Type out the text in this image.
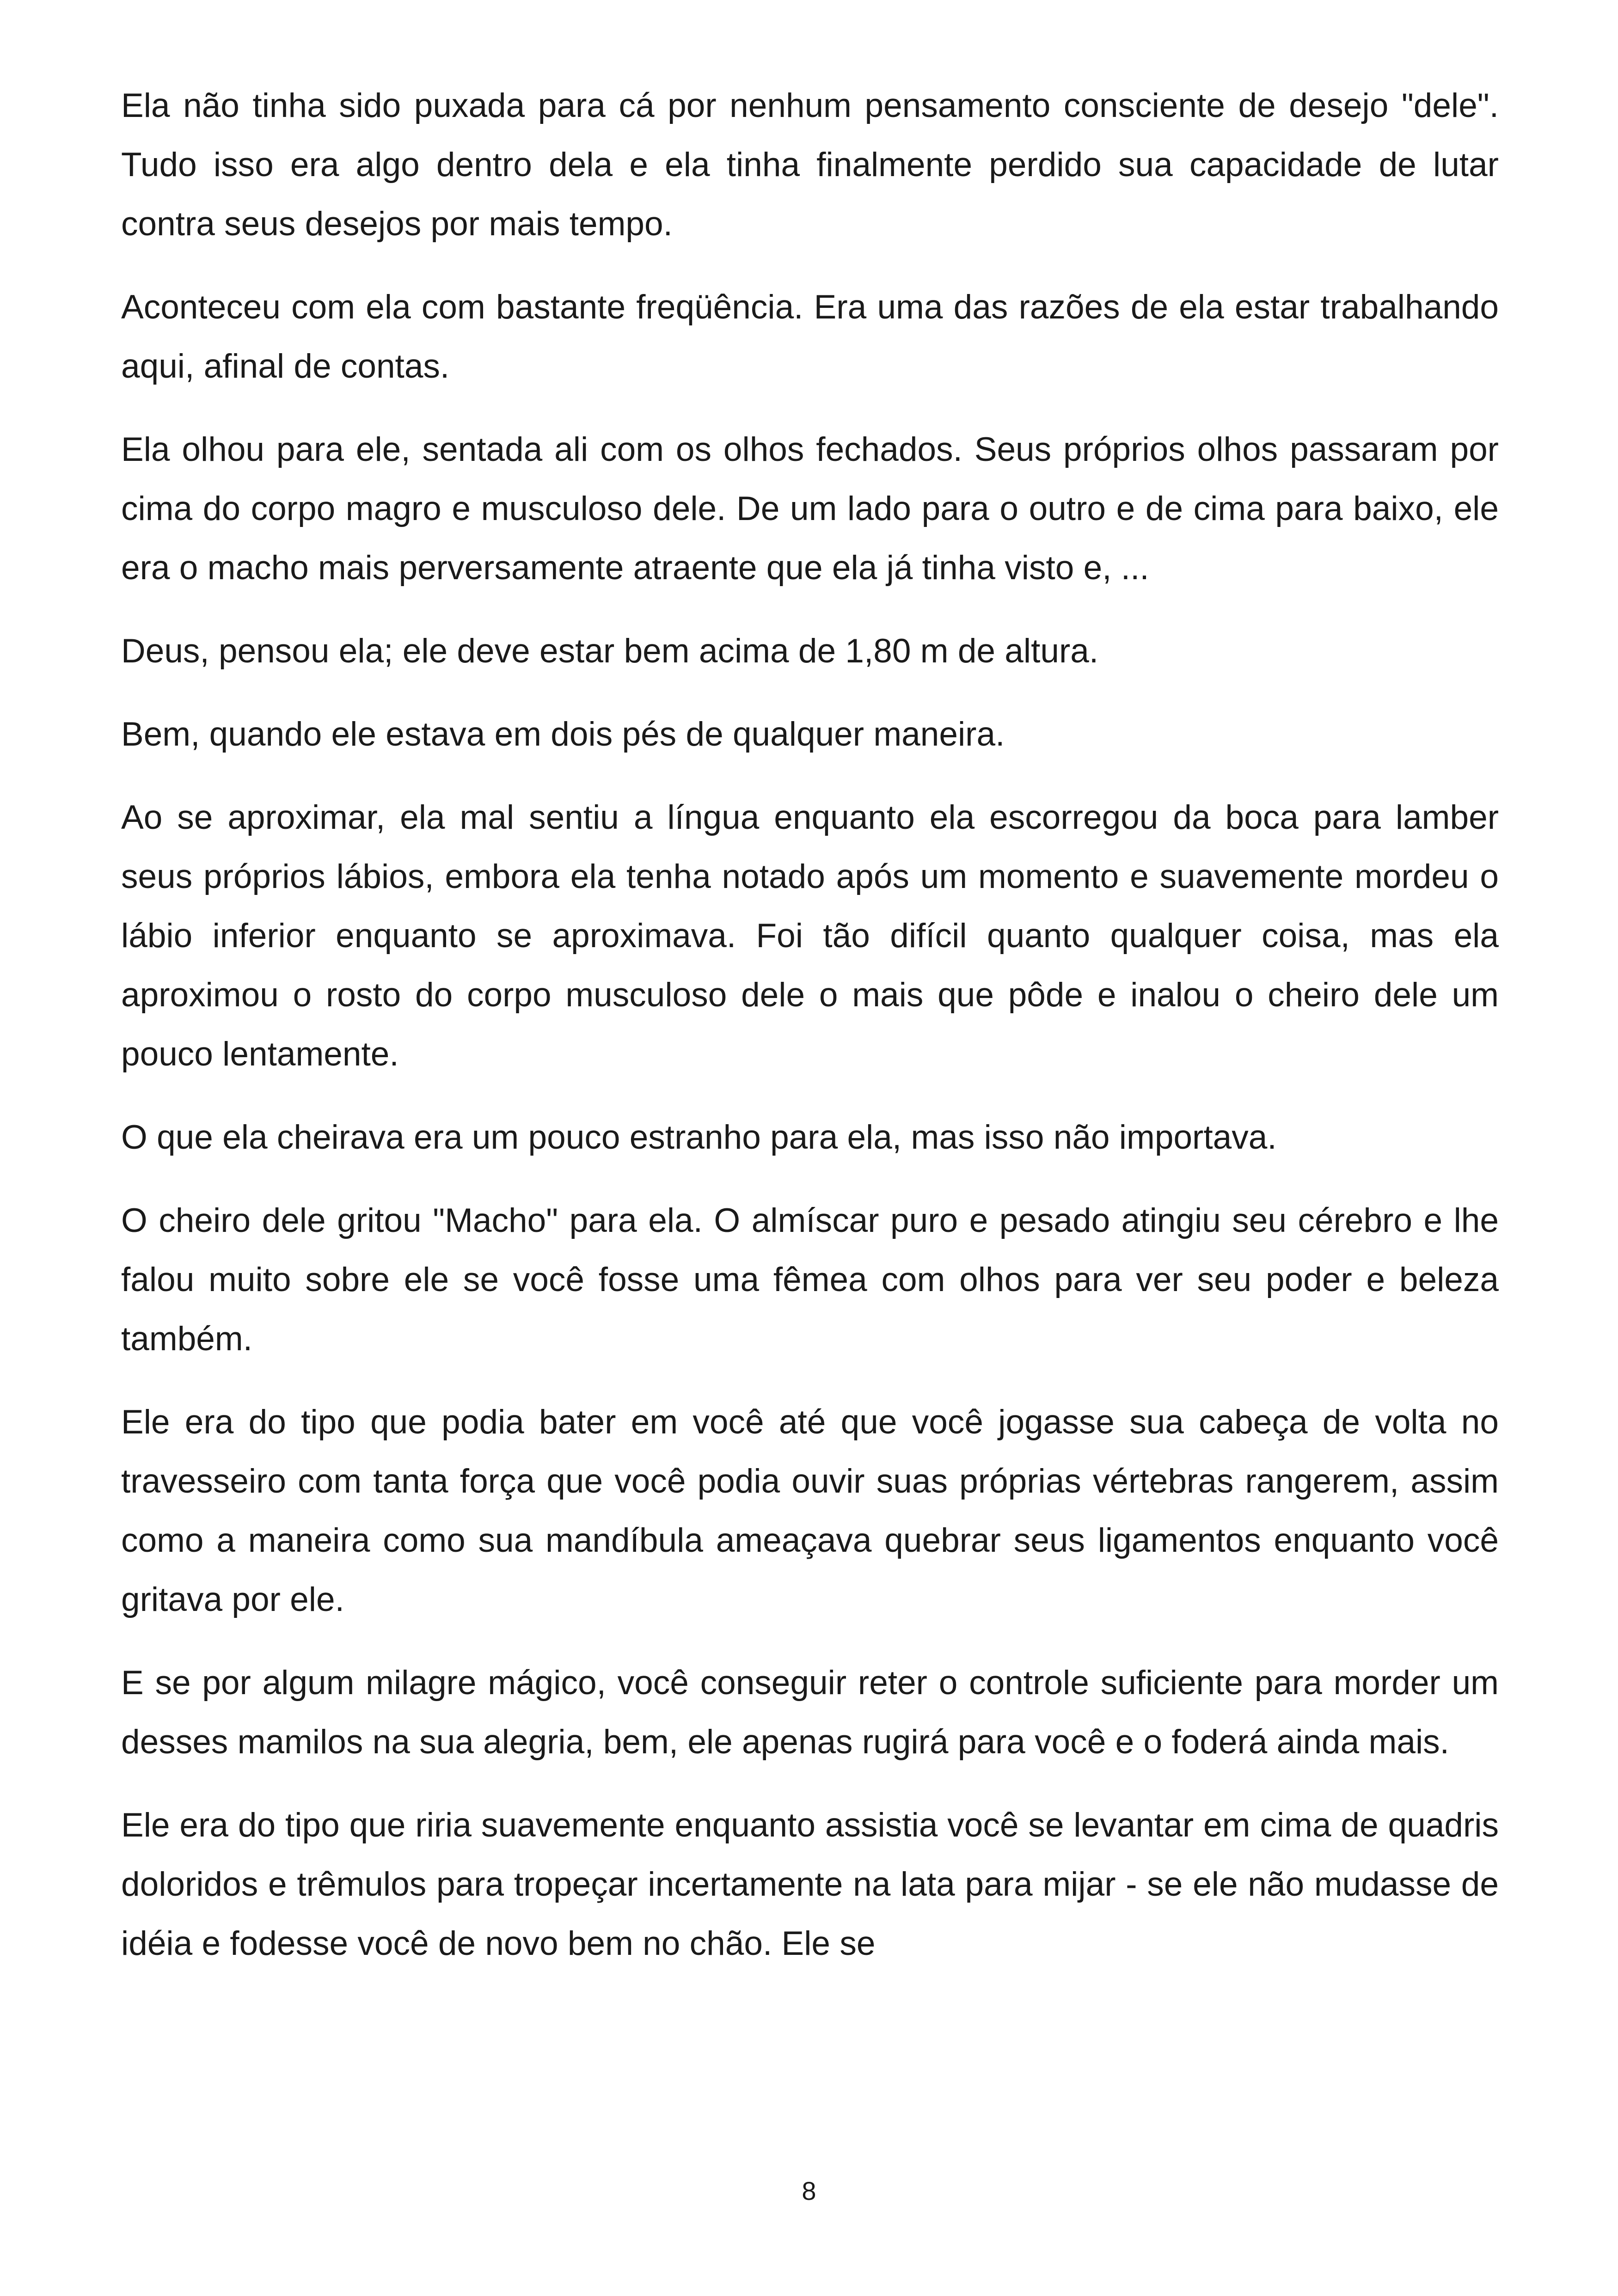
Ela não tinha sido puxada para cá por nenhum pensamento consciente de desejo "dele". Tudo isso era algo dentro dela e ela tinha finalmente perdido sua capacidade de lutar contra seus desejos por mais tempo.

Aconteceu com ela com bastante freqüência. Era uma das razões de ela estar trabalhando aqui, afinal de contas.

Ela olhou para ele, sentada ali com os olhos fechados. Seus próprios olhos passaram por cima do corpo magro e musculoso dele. De um lado para o outro e de cima para baixo, ele era o macho mais perversamente atraente que ela já tinha visto e, ...

Deus, pensou ela; ele deve estar bem acima de 1,80 m de altura.

Bem, quando ele estava em dois pés de qualquer maneira.

Ao se aproximar, ela mal sentiu a língua enquanto ela escorregou da boca para lamber seus próprios lábios, embora ela tenha notado após um momento e suavemente mordeu o lábio inferior enquanto se aproximava. Foi tão difícil quanto qualquer coisa, mas ela aproximou o rosto do corpo musculoso dele o mais que pôde e inalou o cheiro dele um pouco lentamente.

O que ela cheirava era um pouco estranho para ela, mas isso não importava.

O cheiro dele gritou "Macho" para ela. O almíscar puro e pesado atingiu seu cérebro e lhe falou muito sobre ele se você fosse uma fêmea com olhos para ver seu poder e beleza também.

Ele era do tipo que podia bater em você até que você jogasse sua cabeça de volta no travesseiro com tanta força que você podia ouvir suas próprias vértebras rangerem, assim como a maneira como sua mandíbula ameaçava quebrar seus ligamentos enquanto você gritava por ele.

E se por algum milagre mágico, você conseguir reter o controle suficiente para morder um desses mamilos na sua alegria, bem, ele apenas rugirá para você e o foderá ainda mais.

Ele era do tipo que riria suavemente enquanto assistia você se levantar em cima de quadris doloridos e trêmulos para tropeçar incertamente na lata para mijar - se ele não mudasse de idéia e fodesse você de novo bem no chão. Ele se

8
